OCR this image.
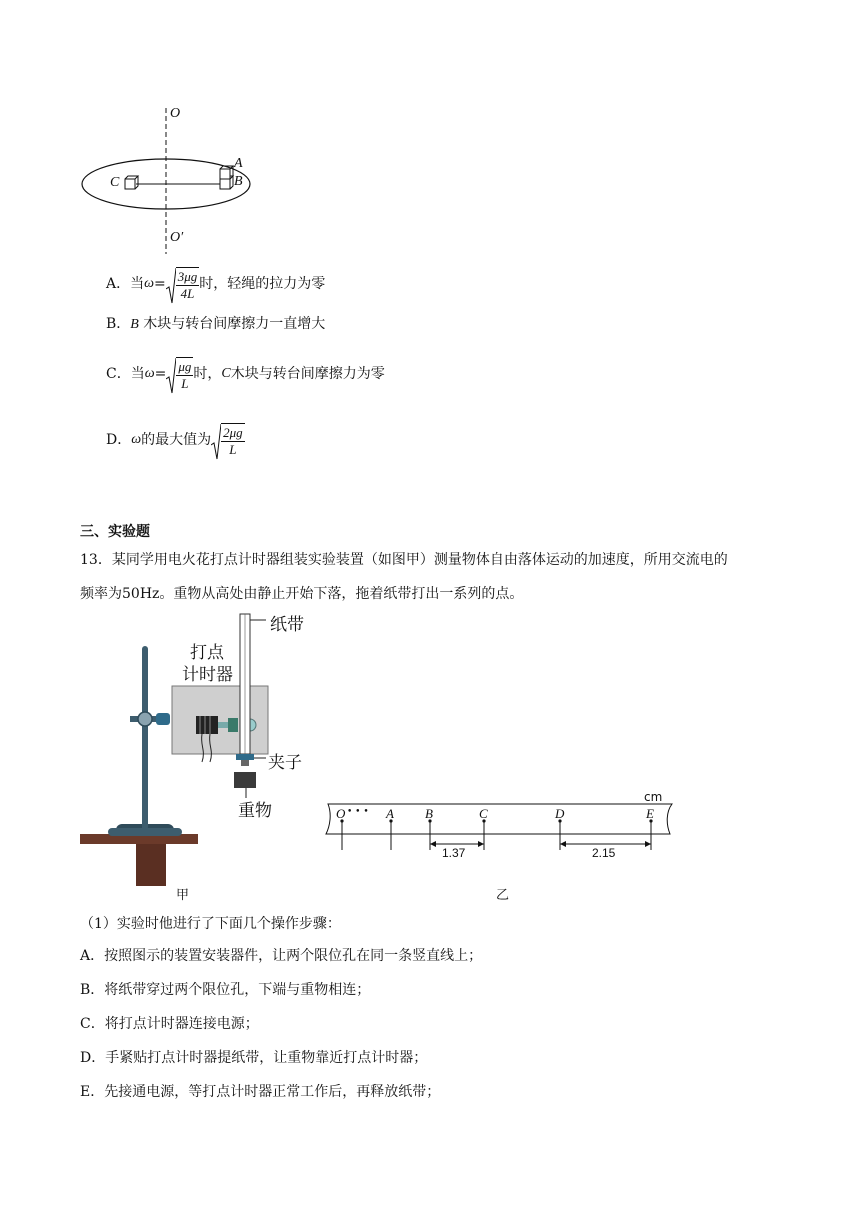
O
O′
A
B
C
A． 当 $\omega = \frac{3\mu g}{4L}$ 时，轻绳的拉力为零
B．B 木块与转台间摩擦力一直增大
C． 当 $\omega = \frac{\mu g}{L}$ 时， C 木块与转台间摩擦力为零
D． ω 的最大值为 $\frac{2\mu g}{L}$
三、实验题
13．某同学用电火花打点计时器组装实验装置（如图甲）测量物体自由落体运动的加速度，所用交流电的
频率为50Hz。重物从高处由静止开始下落，拖着纸带打出一系列的点。
打点
计时器
纸带
夹子
重物
甲
cm
O • • • A B	C	D	E
1.37	2.15
乙
（1）实验时他进行了下面几个操作步骤：
A．按照图示的装置安装器件，让两个限位孔在同一条竖直线上；
B．将纸带穿过两个限位孔，下端与重物相连；
C．将打点计时器连接电源；
D．手紧贴打点计时器提纸带，让重物靠近打点计时器；
E．先接通电源，等打点计时器正常工作后，再释放纸带；
